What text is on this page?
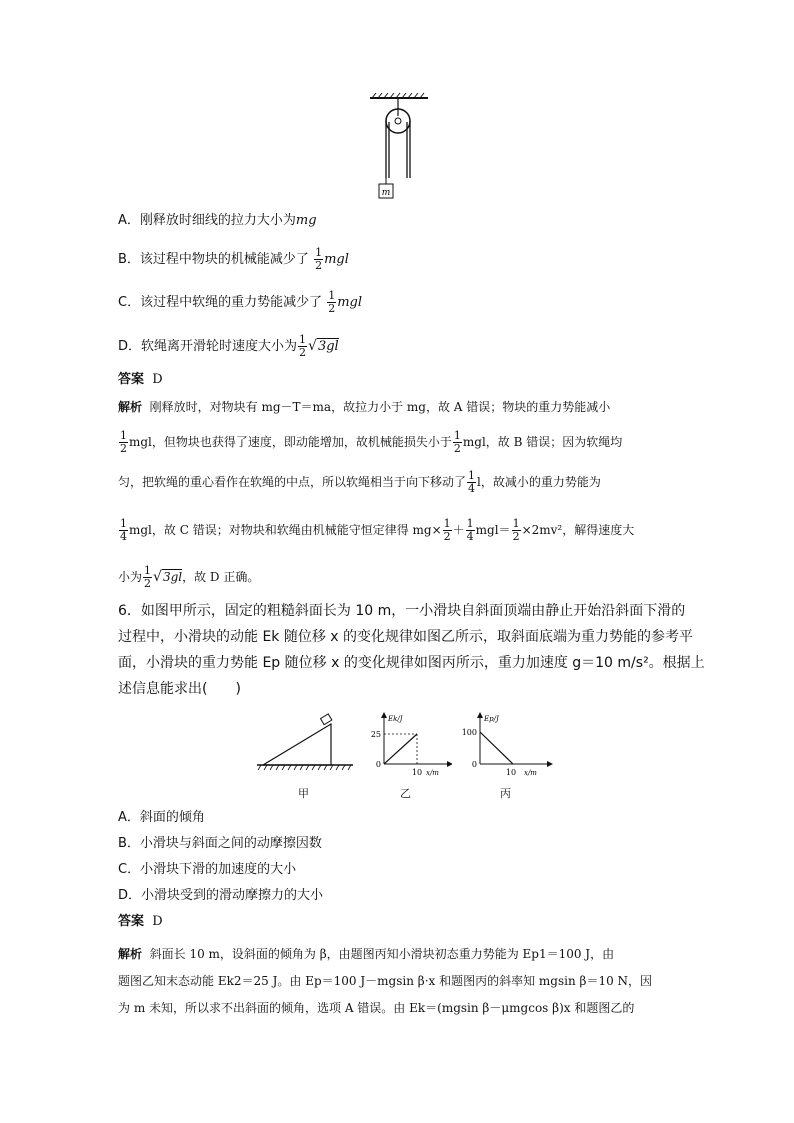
m
A．刚释放时细线的拉力大小为mg
B．该过程中物块的机械能减少了 $\frac{1}{2}$ mgl
C．该过程中软绳的重力势能减少了 $\frac{1}{2}$ mgl
D．软绳离开滑轮时速度大小为 $\frac{1}{2} √3gl$
答案 D
解析 刚释放时，对物块有 mg－T＝ma，故拉力小于 mg，故 A 错误；物块的重力势能减小
$\frac{1}{2}$ mgl，但物块也获得了速度，即动能增加，故机械能损失小于 $\frac{1}{2}$ mgl，故 B 错误；因为软绳均
匀，把软绳的重心看作在软绳的中点，所以软绳相当于向下移动了 $\frac{1}{4}$ l，故减小的重力势能为
$\frac{1}{4}$ mgl，故 C 错误；对物块和软绳由机械能守恒定律得 $mg\times \frac{1}{2} + \frac{1}{4} mgl= \frac{1}{2} \times 2mv^2$，解得速度大
小为 $\frac{1}{2} √3gl$，故 D 正确。
6．如图甲所示，固定的粗糙斜面长为 10 m，一小滑块自斜面顶端由静止开始沿斜面下滑的
过程中，小滑块的动能 Ek 随位移 x 的变化规律如图乙所示，取斜面底端为重力势能的参考平
面，小滑块的重力势能 Ep 随位移 x 的变化规律如图丙所示，重力加速度 g＝10 m/s²。根据上
述信息能求出(　　)
甲
Ek/J
25
0
10 x/m
乙
Ep/J
100
0
10 x/m
丙
A．斜面的倾角
B．小滑块与斜面之间的动摩擦因数
C．小滑块下滑的加速度的大小
D．小滑块受到的滑动摩擦力的大小
答案 D
解析 斜面长 10 m，设斜面的倾角为 β，由题图丙知小滑块初态重力势能为 Ep1＝100 J，由
题图乙知末态动能 Ek2＝25 J。由 Ep＝100 J－mgsin β·x 和题图丙的斜率知 mgsin β＝10 N，因
为 m 未知，所以求不出斜面的倾角，选项 A 错误。由 Ek＝(mgsin β－μmgcos β)x 和题图乙的
